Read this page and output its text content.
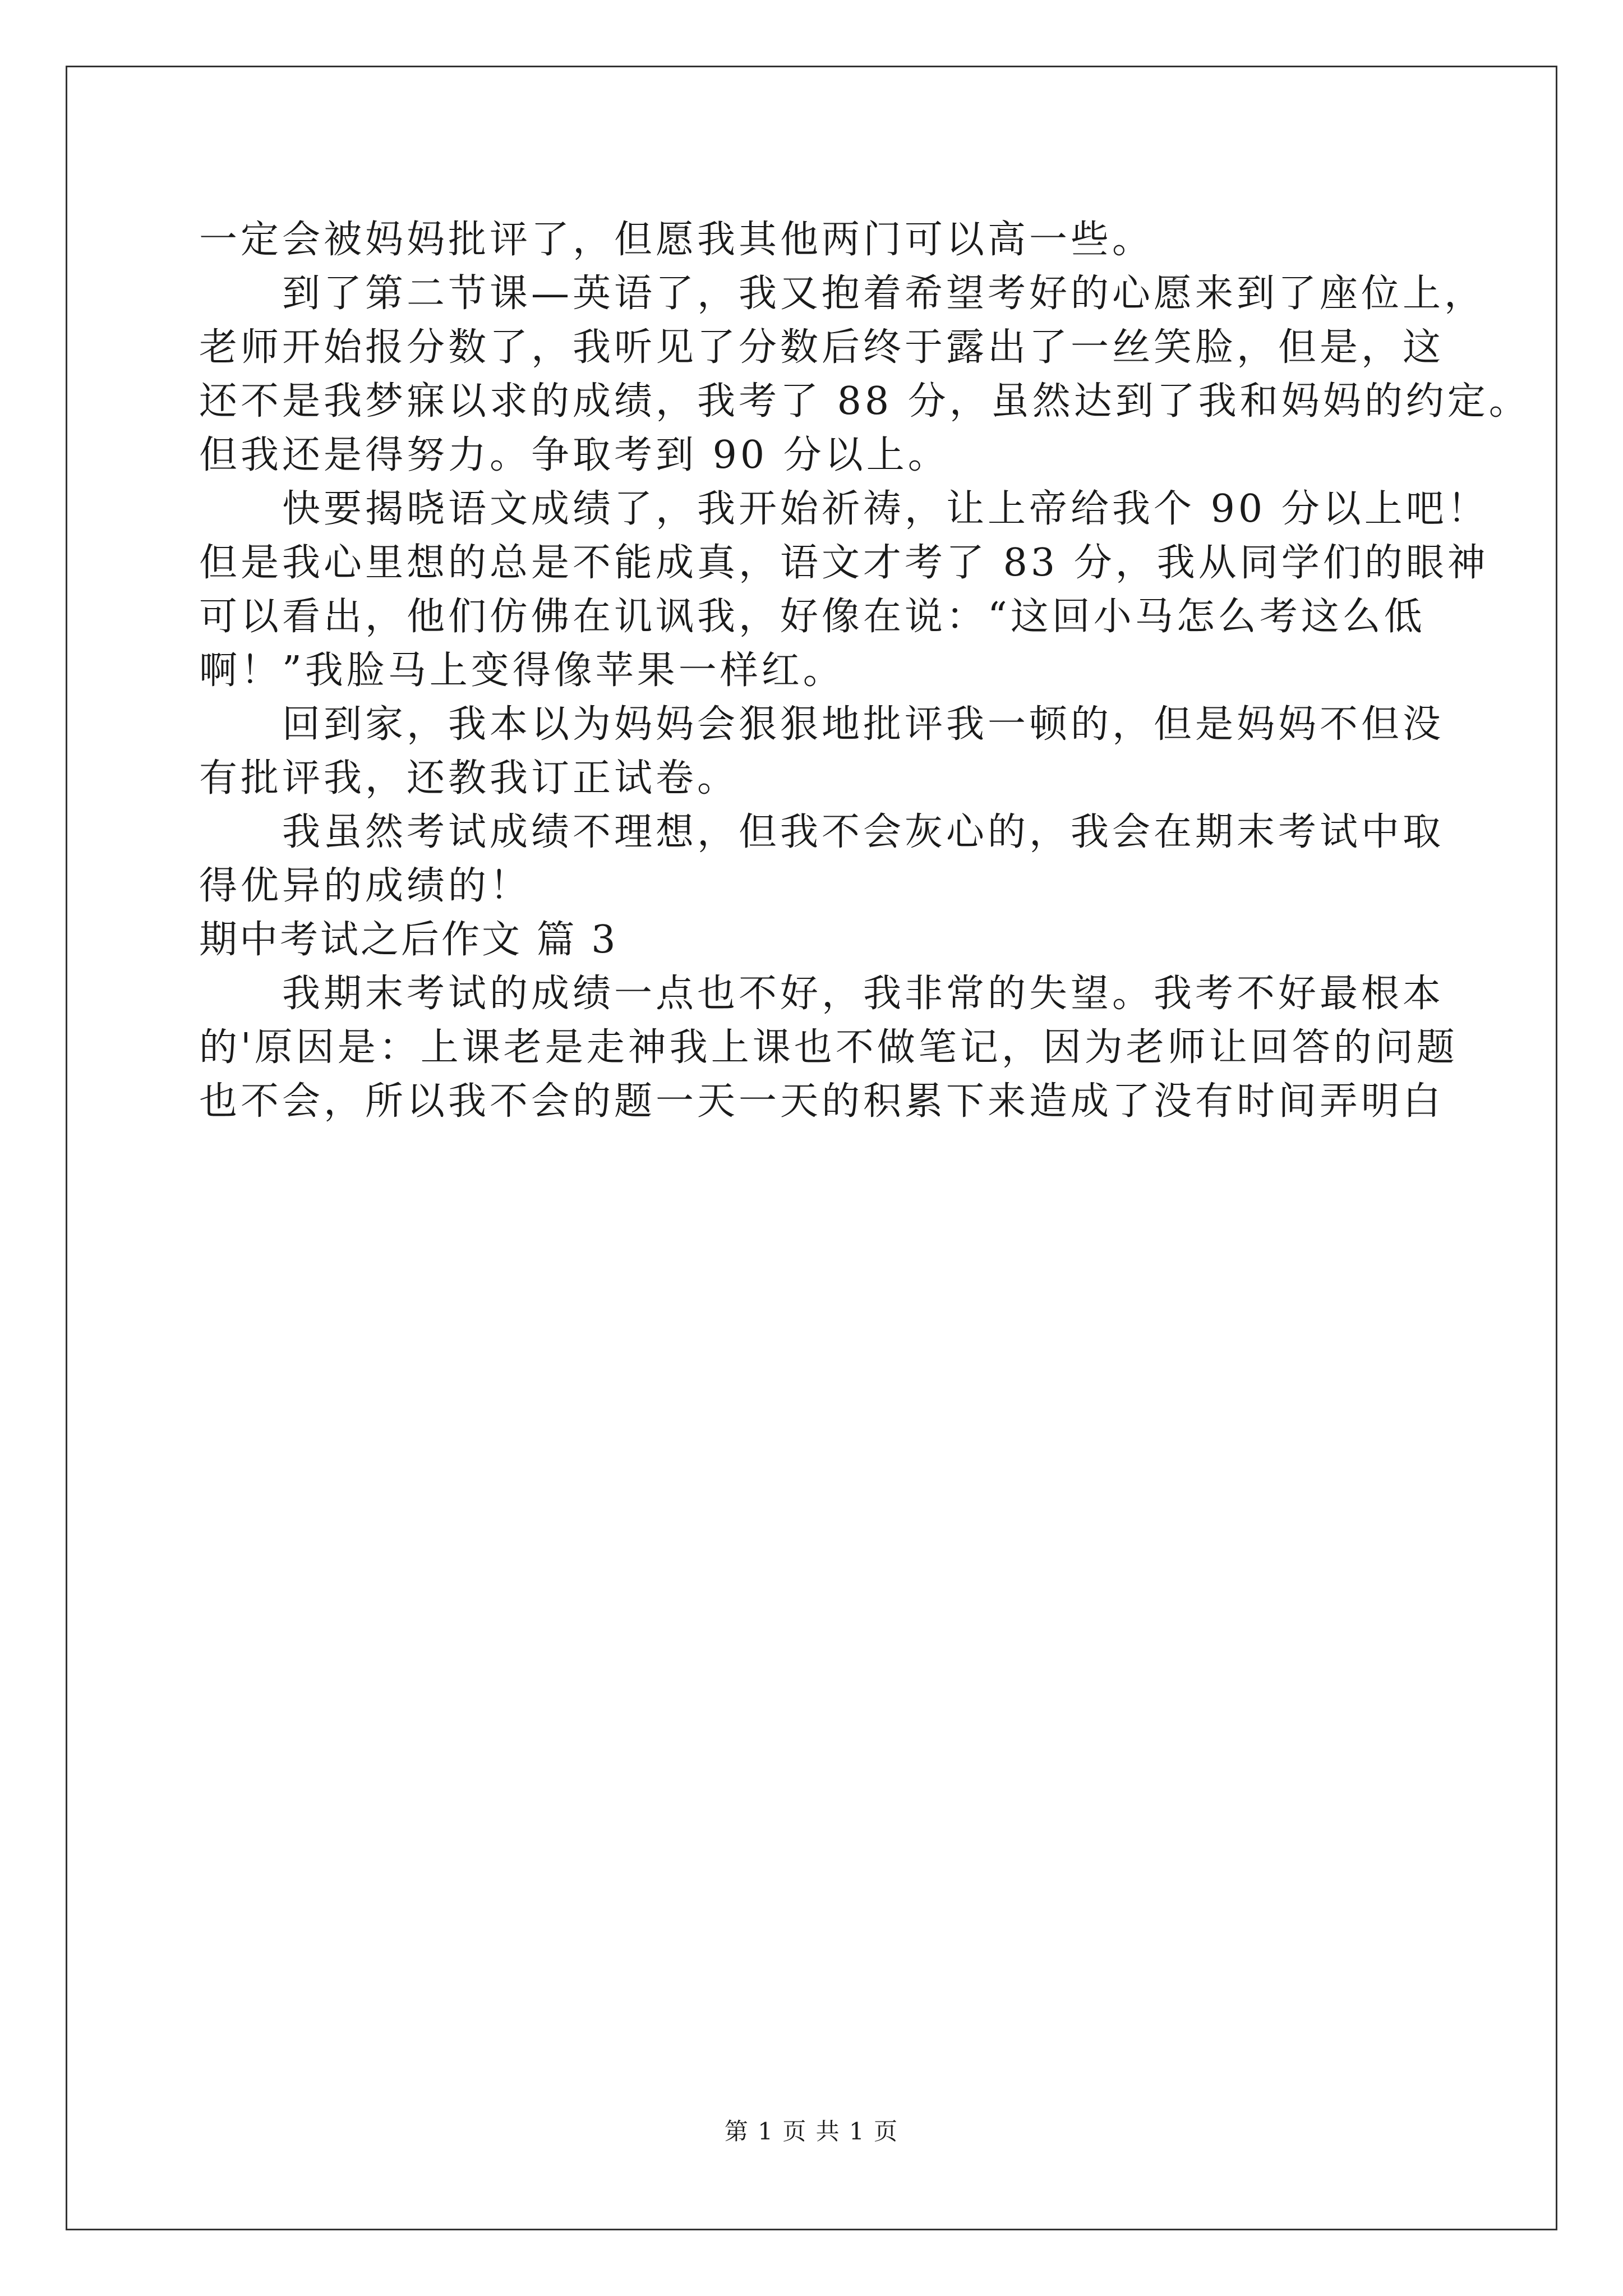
一定会被妈妈批评了，但愿我其他两门可以高一些。
到了第二节课—英语了，我又抱着希望考好的心愿来到了座位上，
老师开始报分数了，我听见了分数后终于露出了一丝笑脸，但是，这
还不是我梦寐以求的成绩，我考了 88 分，虽然达到了我和妈妈的约定。
但我还是得努力。争取考到 90 分以上。
快要揭晓语文成绩了，我开始祈祷，让上帝给我个 90 分以上吧！
但是我心里想的总是不能成真，语文才考了 83 分，我从同学们的眼神
可以看出，他们仿佛在讥讽我，好像在说：“这回小马怎么考这么低
啊！”我脸马上变得像苹果一样红。
回到家，我本以为妈妈会狠狠地批评我一顿的，但是妈妈不但没
有批评我，还教我订正试卷。
我虽然考试成绩不理想，但我不会灰心的，我会在期末考试中取
得优异的成绩的！
期中考试之后作文 篇 3
我期末考试的成绩一点也不好，我非常的失望。我考不好最根本
的'原因是：上课老是走神我上课也不做笔记，因为老师让回答的问题
也不会，所以我不会的题一天一天的积累下来造成了没有时间弄明白
第 1 页 共 1 页
